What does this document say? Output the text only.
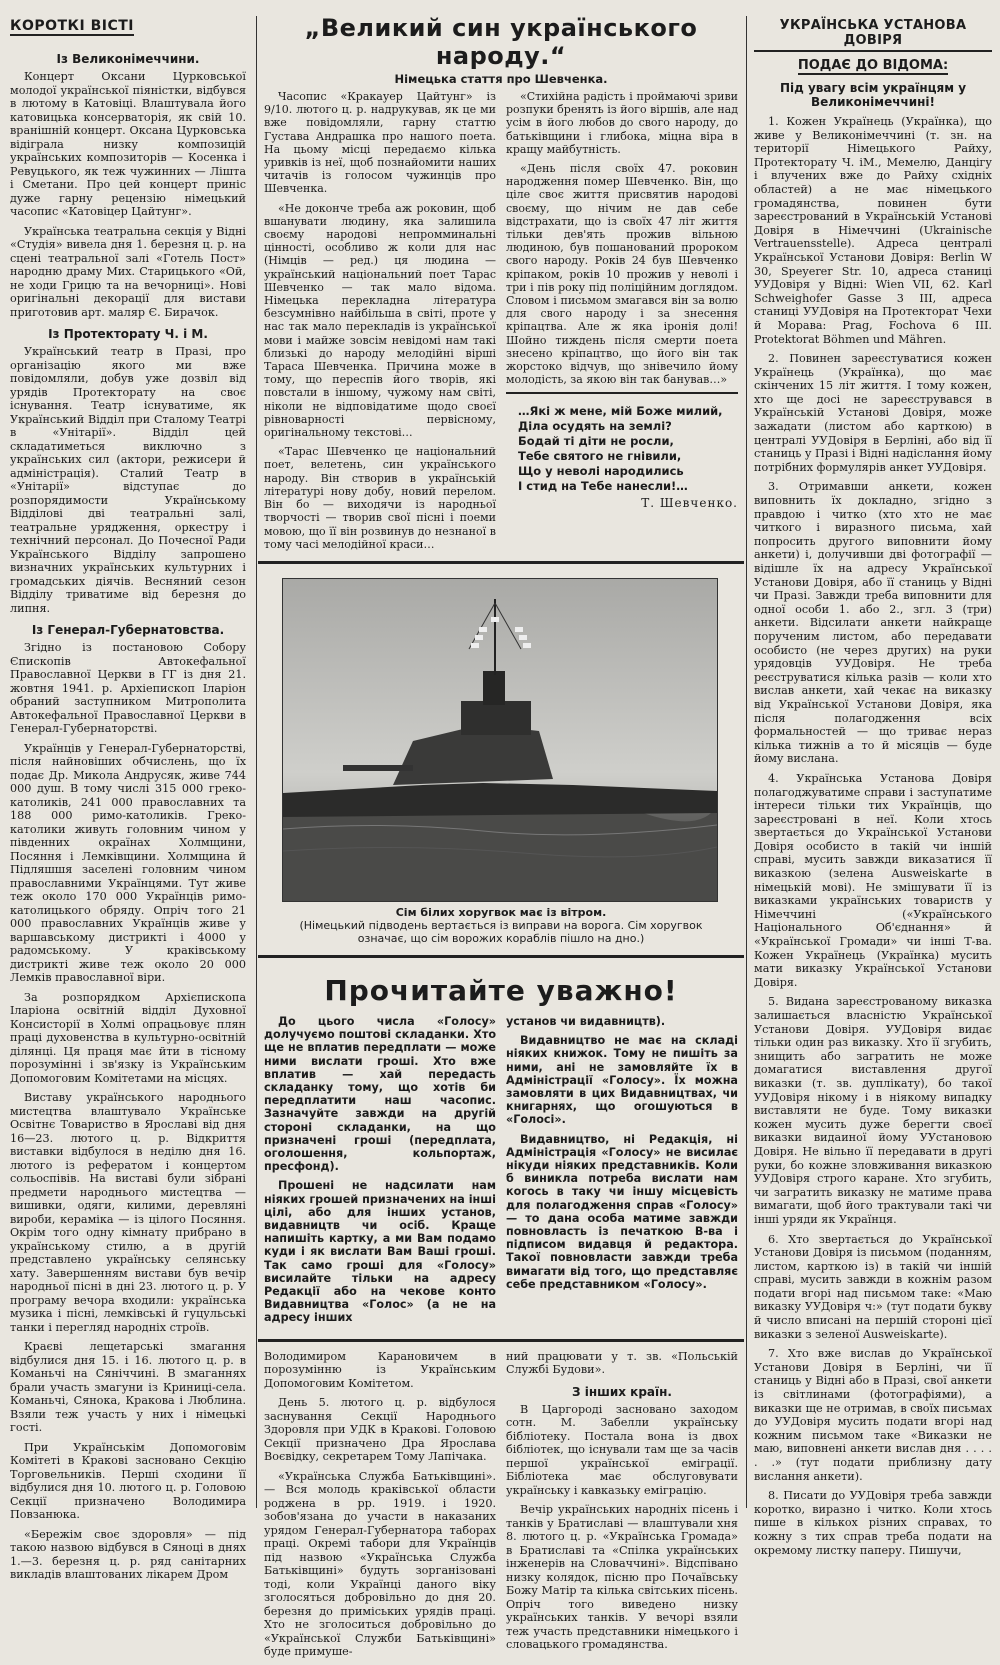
КОРОТКІ ВІСТІ
Із Великонімеччини.

Концерт Оксани Цурковської молодої української піяністки, відбувся в лютому в Катовіці. Влаштувала його катовицька консерваторія, як свій 10. вранішній концерт. Оксана Цурковська відіграла низку композицій українських композиторів — Косенка і Ревуцького, як теж чужинних — Ліштa і Сметани. Про цей концерт приніс дуже гарну рецензію німецький часопис «Катовіцер Цайтунг».

Українська театральна секція у Відні «Студія» вивела дня 1. березня ц. р. на сцені театральної залі «Готель Пост» народню драму Мих. Старицького «Ой, не ходи Грицю та на вечорниці». Нові оригінальні декорації для вистави приготовив арт. маляр Є. Бирачок.

Із Протекторату Ч. і М.

Український театр в Празі, про організацію якого ми вже повідомляли, добув уже дозвіл від урядів Протекторату на своє існування. Театр існуватиме, як Український Відділ при Сталому Театрі в «Унітарії». Відділ цей складатиметься виключно з українських сил (актори, режисери й адміністрація). Сталий Театр в «Унітарії» відступає до розпорядимости Українському Відділові дві театральні залі, театральне урядження, оркестру і технічний персонал. До Почесної Ради Українського Відділу запрошено визначних українських культурних і громадських діячів. Весняний сезон Відділу триватиме від березня до липня.

Із Генерал-Губернатовства.

Згідно із постановою Собору Єпископів Автокефальної Православної Церкви в ГГ із дня 21. жовтня 1941. р. Архіепископ Іларіон обраний заступником Митрополита Автокефальної Православної Церкви в Генерал-Губернаторстві.

Українців у Генерал-Губернаторстві, після найновіших обчислень, що їх подає Др. Микола Андрусяк, живе 744 000 душ. В тому числі 315 000 греко-католиків, 241 000 православних та 188 000 римо-католиків. Греко-католики живуть головним чином у південних окраїнах Холмщини, Посяння і Лемківщини. Холмщина й Підляшшя заселені головним чином православними Українцями. Тут живе теж около 170 000 Українців римо-католицького обряду. Опріч того 21 000 православних Українців живе у варшавському дистрикті і 4000 у радомському. У краківському дистрикті живе теж около 20 000 Лемків православної віри.

За розпорядком Архієпископа Іларіона освітній відділ Духовної Консисторії в Холмі опрацьовує плян праці духовенства в культурно-освітній ділянці. Ця праця має йти в тісному порозумінні і зв'язку із Українським Допомоговим Комітетами на місцях.

Виставу українського народнього мистецтва влаштувало Українське Освітнє Товариство в Ярославі від дня 16—23. лютого ц. р. Відкриття виставки відбулося в неділю дня 16. лютого із рефератом і концертом сольоспівів. На виставі були зібрані предмети народнього мистецтва — вишивки, одяги, килими, деревляні вироби, кераміка — із цілого Посяння. Окрім того одну кімнату прибрано в українському стилю, а в другій представлено українську селянську хату. Завершенням вистави був вечір народньої пісні в дні 23. лютого ц. р. У програму вечора входили: українська музика і пісні, лемківські й гуцульські танки і перегляд народніх строїв.

Краєві лещетарські змагання відбулися дня 15. і 16. лютого ц. р. в Команьчі на Сяніччині. В змаганнях брали участь змагуни із Криниці-села. Команьчі, Сянока, Кракова і Люблина. Взяли теж участь у них і німецькі гості.

При Українськім Допомоговім Комітеті в Кракові засновано Секцію Торговельників. Перші сходини її відбулися дня 10. лютого ц. р. Головою Секції призначено Володимира Повзанюка.

«Бережім своє здоровля» — під такою назвою відбувся в Сяноці в днях 1.—3. березня ц. р. ряд санітарних викладів влаштованих лікарем Дром

„Великий син українського народу.“
Німецька стаття про Шевченка.

Часопис «Кракауер Цайтунг» із 9/10. лютого ц. р. надрукував, як це ми вже повідомляли, гарну статтю Густава Андрашка про нашого поета. На цьому місці передаємо кілька уривків із неї, щоб познайомити наших читачів із голосом чужинців про Шевченка.

«Не доконче треба аж роковин, щоб вшанувати людину, яка залишила своєму народові непромминальні цінності, особливо ж коли для нас (Німців — ред.) ця людина — український національний поет Тарас Шевченко — так мало відома. Німецька перекладна література безсумнівно найбільша в світі, проте у нас так мало перекладів із української мови і майже зовсім невідомі нам такі близькі до народу мелодійні вірші Тараса Шевченка. Причина може в тому, що переспів його творів, які повстали в іншому, чужому нам світі, ніколи не відповідатиме щодо своєї рівноварності первісному, оригінальному текстові…

«Тарас Шевченко це національний поет, велетень, син українського народу. Він створив в українській літературі нову добу, новий перелом. Він бо — виходячи із народньої творчості — творив свої пісні і поеми мовою, що її він розвинув до незнаної в тому часі мелодійної краси…

«Стихійна радість і проймаючі зриви розпуки бренять із його віршів, але над усім в його любов до свого народу, до батьківщини і глибока, міцна віра в кращу майбутність.

«День після своїх 47. роковин народження помер Шевченко. Він, що ціле своє життя присвятив народові своєму, що нічим не дав себе відстрахати, що із своїх 47 літ життя тільки дев'ять прожив вільною людиною, був пошанований пророком свого народу. Років 24 був Шевченко кріпаком, років 10 прожив у неволі і три і пів року під поліційним доглядом. Словом і письмом змагався він за волю для свого народу і за знесення кріпацтва. Але ж яка іронія долі! Шойно тиждень після смерти поета знесено кріпацтво, що його він так жорстоко відчув, що знівечило йому молодість, за якою він так банував…»

…Які ж мене, мій Боже милий,
Діла осудять на землі?
Бодай ті діти не росли,
Тебе святого не гнівили,
Що у неволі народились
І стид на Тебе нанесли!…
Т. Шевченко.
Сім білих хоругвок має із вітром.
(Німецький підводень вертається із виправи на ворога. Сім хоругвок означає, що сім ворожих кораблів пішло на дно.)
Прочитайте уважно!

До цього числа «Голосу» долучуємо поштові складанки. Хто ще не вплатив передплати — може ними вислати гроші. Хто вже вплатив — хай передасть складанку тому, що хотів би передплатити наш часопис. Зазначуйте завжди на другій стороні складанки, на що призначені гроші (передплата, оголошення, кольпортаж, пресфонд).

Прошені не надсилати нам ніяких грошей призначених на інші цілі, або для інших установ, видавництв чи осіб. Краще напишіть картку, а ми Вам подамо куди і як вислати Вам Ваші гроші. Так само гроші для «Голосу» висилайте тільки на адресу Редакції або на чекове конто Видавництва «Голос» (а не на адресу інших

установ чи видавництв).

Видавництво не має на складі ніяких книжок. Тому не пишіть за ними, ані не замовляйте їх в Адміністрації «Голосу». Їх можна замовляти в цих Видавництвах, чи книгарнях, що огошуються в «Голосі».

Видавництво, ні Редакція, ні Адміністрація «Голосу» не висилає нікуди ніяких представників. Коли б виникла потреба вислати нам когось в таку чи іншу місцевість для полагодження справ «Голосу» — то дана особа матиме завжди повновласть із печаткою В-ва і підписом видавця й редактора. Такої повновласти завжди треба вимагати від того, що представляє себе представником «Голосу».

Володимиром Карановичем в порозумінню із Українським Допомоговим Комітетом.

День 5. лютого ц. р. відбулося заснування Секції Народнього Здоровля при УДК в Кракові. Головою Секції призначено Дра Ярослава Воєвідку, секретарем Тому Лапічака.

«Українська Служба Батьківщині». — Вся молодь краківської области роджена в рр. 1919. і 1920. зобов'язана до участи в наказаних урядом Генерал-Губернатора таборах праці. Окремі табори для Українців під назвою «Українська Служба Батьківщині» будуть зорганізовані тоді, коли Українці даного віку зголосяться добровільно до дня 20. березня до приміських урядів праці. Хто не зголоситься добровільно до «Української Служби Батьківщині» буде примуше-

ний працювати у т. зв. «Польській Службі Будови».

З інших країн.

В Царгороді засновано заходом сотн. М. Забелли українську бібліотеку. Постала вона із двох бібліотек, що існували там ще за часів першої української еміграції. Бібліотека має обслуговувати українську і кавказьку еміграцію.

Вечір українських народніх пісень і танків у Братиславі — влаштували хня 8. лютого ц. р. «Українська Громада» в Братиславі та «Спілка українських інженерів на Словаччині». Відспівано низку колядок, пісню про Почаївську Божу Матір та кілька світських пісень. Опріч того виведено низку українських танків. У вечорі взяли теж участь представники німецького і словацького громадянства.

УКРАЇНСЬКА УСТАНОВА ДОВІРЯ
ПОДАЄ ДО ВІДОМА:
Під увагу всім українцям у Великонімеччині!

1. Кожен Українець (Українка), що живе у Великонімеччині (т. зн. на території Німецького Райху, Протекторату Ч. іМ., Мемелю, Данцігу і влучених вже до Райху східніх областей) а не має німецького громадянства, повинен бути зареєстрований в Українській Установі Довіря в Німеччині (Ukrainische Vertrauensstelle). Адреса централі Української Установи Довіря: Berlin W 30, Speyerer Str. 10, адреса станиці УУДовіря у Відні: Wien VII, 62. Karl Schweighofer Gasse 3 III, адреса станиці УУДовіря на Протекторат Чехи й Морава: Prag, Fochova 6 III. Protektorat Böhmen und Mähren.

2. Повинен зареєстуватися кожен Українець (Українка), що має скінчених 15 літ життя. І тому кожен, хто ще досі не зареєструвався в Українській Установі Довіря, може зажадати (листом або карткою) в централі УУДовіря в Берліні, або від її станиць у Празі і Відні надіслання йому потрібних формулярів анкет УУДовіря.

3. Отримавши анкети, кожен виповнить їх докладно, згідно з правдою і читко (хто хто не має читкого і виразного письма, хай попросить другого виповнити йому анкети) і, долучивши дві фотографії — відішле їх на адресу Української Установи Довіря, або її станиць у Відні чи Празі. Завжди треба виповнити для одної особи 1. або 2., згл. 3 (три) анкети. Відсилати анкети найкраще порученим листом, або передавати особисто (не через других) на руки урядовців УУДовіря. Не треба реєструватися кілька разів — коли хто вислав анкети, хай чекає на виказку від Української Установи Довіря, яка після полагодження всіх формальностей — що триває нераз кілька тижнів а то й місяців — буде йому вислана.

4. Українська Установа Довіря полагоджуватиме справи і заступатиме інтереси тільки тих Українців, що зареєстровані в неї. Коли хтось звертається до Української Установи Довіря особисто в такій чи іншій справі, мусить завжди виказатися її виказкою (зелена Ausweiskarte в німецькій мові). Не змішувати її із виказками українських товариств у Німеччині («Українського Національного Об'єднання» й «Української Громади» чи інші Т-ва. Кожен Українець (Українка) мусить мати виказку Української Установи Довіря.

5. Видана зареєстрованому виказка залишається власністю Української Установи Довіря. УУДовіря видає тільки один раз виказку. Хто її згубить, знищить або загратить не може домагатися виставлення другої виказки (т. зв. дуплікату), бо такої УУДовіря нікому і в ніякому випадку виставляти не буде. Тому виказки кожен мусить дуже берегти своєї виказки видаиної йому УУстановою Довіря. Не вільно її передавати в другі руки, бо кожне зловживання виказкою УУДовіря строго каране. Хто згубить, чи загратить виказку не матиме права вимагати, щоб його трактували такі чи інші уряди як Українця.

6. Хто звертається до Української Установи Довіря із письмом (поданням, листом, карткою із) в такій чи іншій справі, мусить завжди в кожнім разом подати вгорі над письмом таке: «Маю виказку УУДовіря ч:» (тут подати букву й число вписані на першій стороні цієї виказки з зеленої Ausweiskarte).

7. Хто вже вислав до Української Установи Довіря в Берліні, чи її станиць у Відні або в Празі, свої анкети із світлинами (фотографіями), а виказки ще не отримав, в своїх письмах до УУДовіря мусить подати вгорі над кожним письмом таке «Виказки не маю, виповнені анкети вислав дня . . . . . .» (тут подати приблизну дату вислання анкети).

8. Писати до УУДовіря треба завжди коротко, виразно і читко. Коли хтось пише в кількох різних справах, то кожну з тих справ треба подати на окремому листку паперу. Пишучи,
